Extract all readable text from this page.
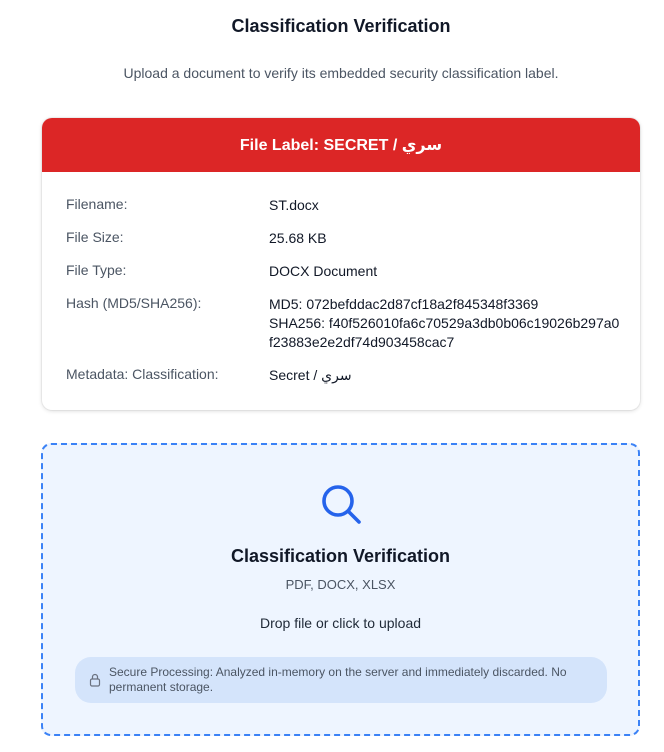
Classification Verification
Upload a document to verify its embedded security classification label.
File Label: SECRET / سري
Filename:	ST.docx
File Size:	25.68 KB
File Type:	DOCX Document
Hash (MD5/SHA256):	MD5: 072befddac2d87cf18a2f845348f3369
SHA256: f40f526010fa6c70529a3db0b06c19026b297a0f23883e2e2df74d903458cac7
Metadata: Classification:	Secret / سري
Classification Verification
PDF, DOCX, XLSX
Drop file or click to upload
Secure Processing: Analyzed in-memory on the server and immediately discarded. No permanent storage.
